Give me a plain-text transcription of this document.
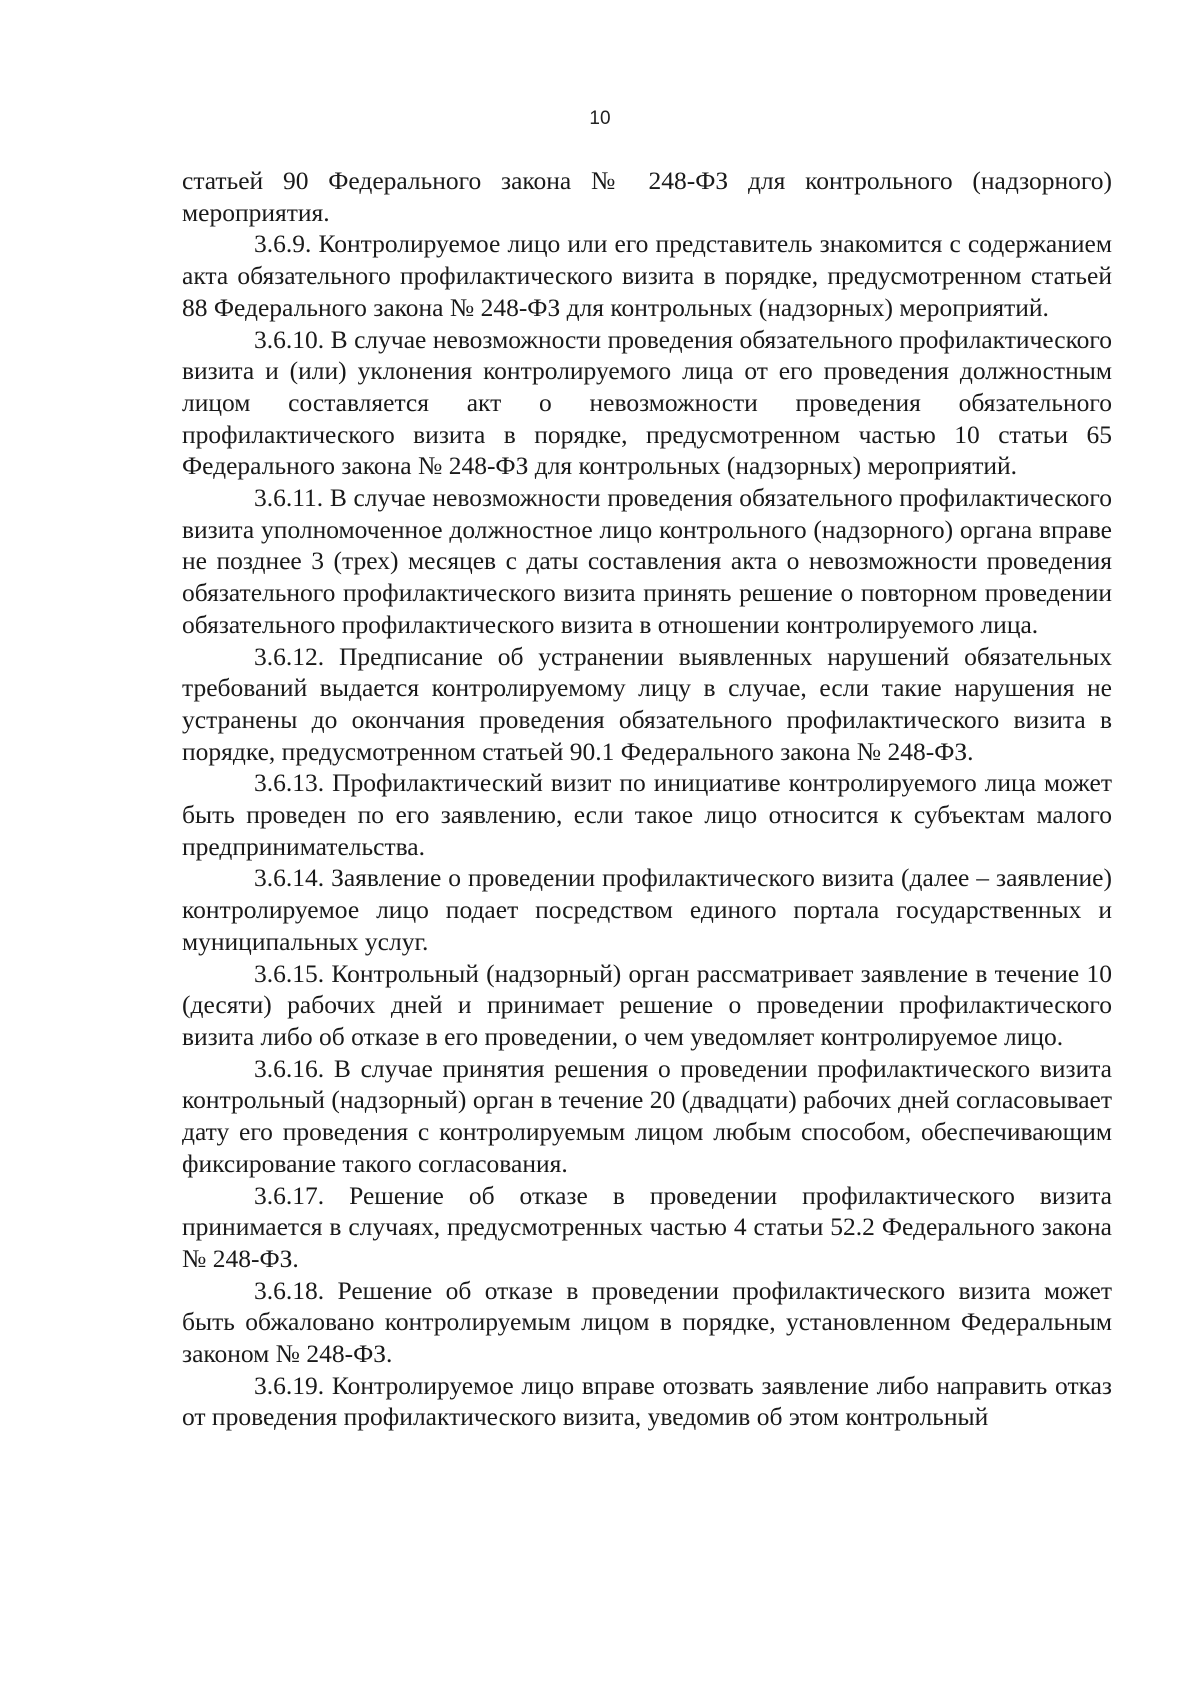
10

статьей 90 Федерального закона № 248-ФЗ для контрольного (надзорного) мероприятия.

3.6.9. Контролируемое лицо или его представитель знакомится с содержанием акта обязательного профилактического визита в порядке, предусмотренном статьей 88 Федерального закона № 248-ФЗ для контрольных (надзорных) мероприятий.

3.6.10. В случае невозможности проведения обязательного профилактического визита и (или) уклонения контролируемого лица от его проведения должностным лицом составляется акт о невозможности проведения обязательного профилактического визита в порядке, предусмотренном частью 10 статьи 65 Федерального закона № 248-ФЗ для контрольных (надзорных) мероприятий.

3.6.11. В случае невозможности проведения обязательного профилактического визита уполномоченное должностное лицо контрольного (надзорного) органа вправе не позднее 3 (трех) месяцев с даты составления акта о невозможности проведения обязательного профилактического визита принять решение о повторном проведении обязательного профилактического визита в отношении контролируемого лица.

3.6.12. Предписание об устранении выявленных нарушений обязательных требований выдается контролируемому лицу в случае, если такие нарушения не устранены до окончания проведения обязательного профилактического визита в порядке, предусмотренном статьей 90.1 Федерального закона № 248-ФЗ.

3.6.13. Профилактический визит по инициативе контролируемого лица может быть проведен по его заявлению, если такое лицо относится к субъектам малого предпринимательства.

3.6.14. Заявление о проведении профилактического визита (далее – заявление) контролируемое лицо подает посредством единого портала государственных и муниципальных услуг.

3.6.15. Контрольный (надзорный) орган рассматривает заявление в течение 10 (десяти) рабочих дней и принимает решение о проведении профилактического визита либо об отказе в его проведении, о чем уведомляет контролируемое лицо.

3.6.16. В случае принятия решения о проведении профилактического визита контрольный (надзорный) орган в течение 20 (двадцати) рабочих дней согласовывает дату его проведения с контролируемым лицом любым способом, обеспечивающим фиксирование такого согласования.

3.6.17. Решение об отказе в проведении профилактического визита принимается в случаях, предусмотренных частью 4 статьи 52.2 Федерального закона № 248-ФЗ.

3.6.18. Решение об отказе в проведении профилактического визита может быть обжаловано контролируемым лицом в порядке, установленном Федеральным законом № 248-ФЗ.

3.6.19. Контролируемое лицо вправе отозвать заявление либо направить отказ от проведения профилактического визита, уведомив об этом контрольный
